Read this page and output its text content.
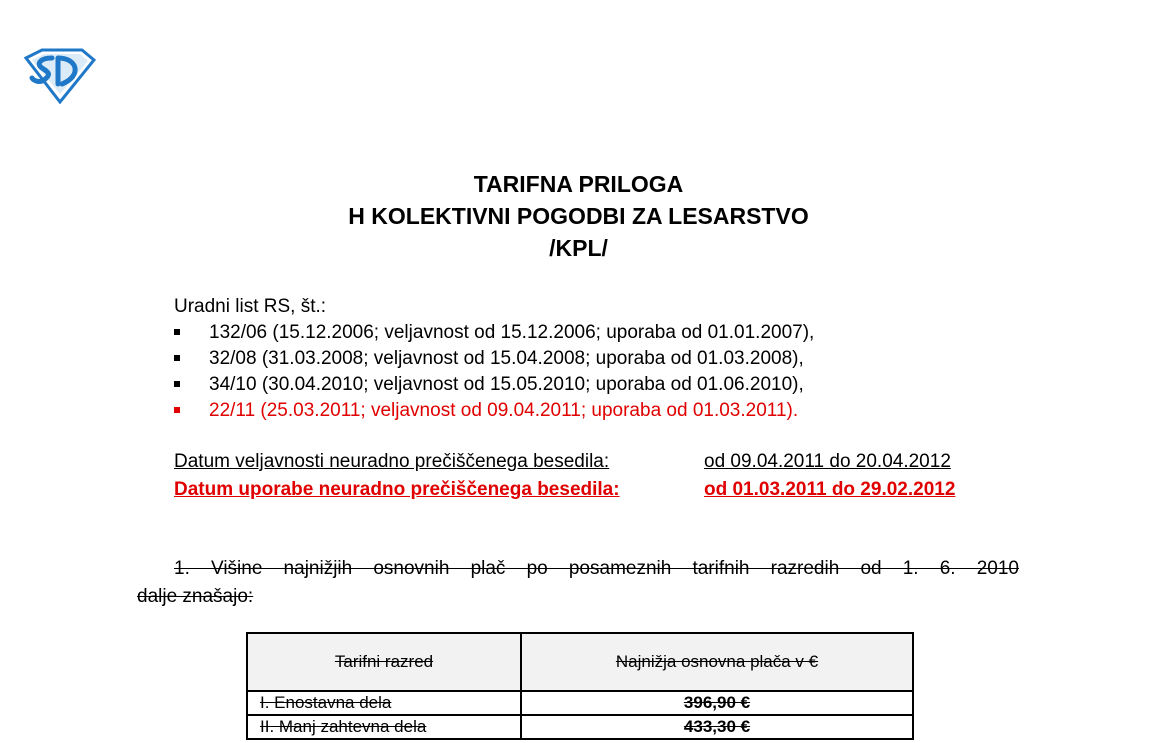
TARIFNA PRILOGA
H KOLEKTIVNI POGODBI ZA LESARSTVO
/KPL/
Uradni list RS, št.:
132/06 (15.12.2006; veljavnost od 15.12.2006; uporaba od 01.01.2007),
32/08 (31.03.2008; veljavnost od 15.04.2008; uporaba od 01.03.2008),
34/10 (30.04.2010; veljavnost od 15.05.2010; uporaba od 01.06.2010),
22/11 (25.03.2011; veljavnost od 09.04.2011; uporaba od 01.03.2011).
Datum veljavnosti neuradno prečiščenega besedila:	od 09.04.2011 do 20.04.2012
Datum uporabe neuradno prečiščenega besedila:	od 01.03.2011 do 29.02.2012
1. Višine najnižjih osnovnih plač po posameznih tarifnih razredih od 1. 6. 2010
dalje znašajo:
Tarifni razred	Najnižja osnovna plača v €
I. Enostavna dela	396,90 €
II. Manj zahtevna dela	433,30 €
